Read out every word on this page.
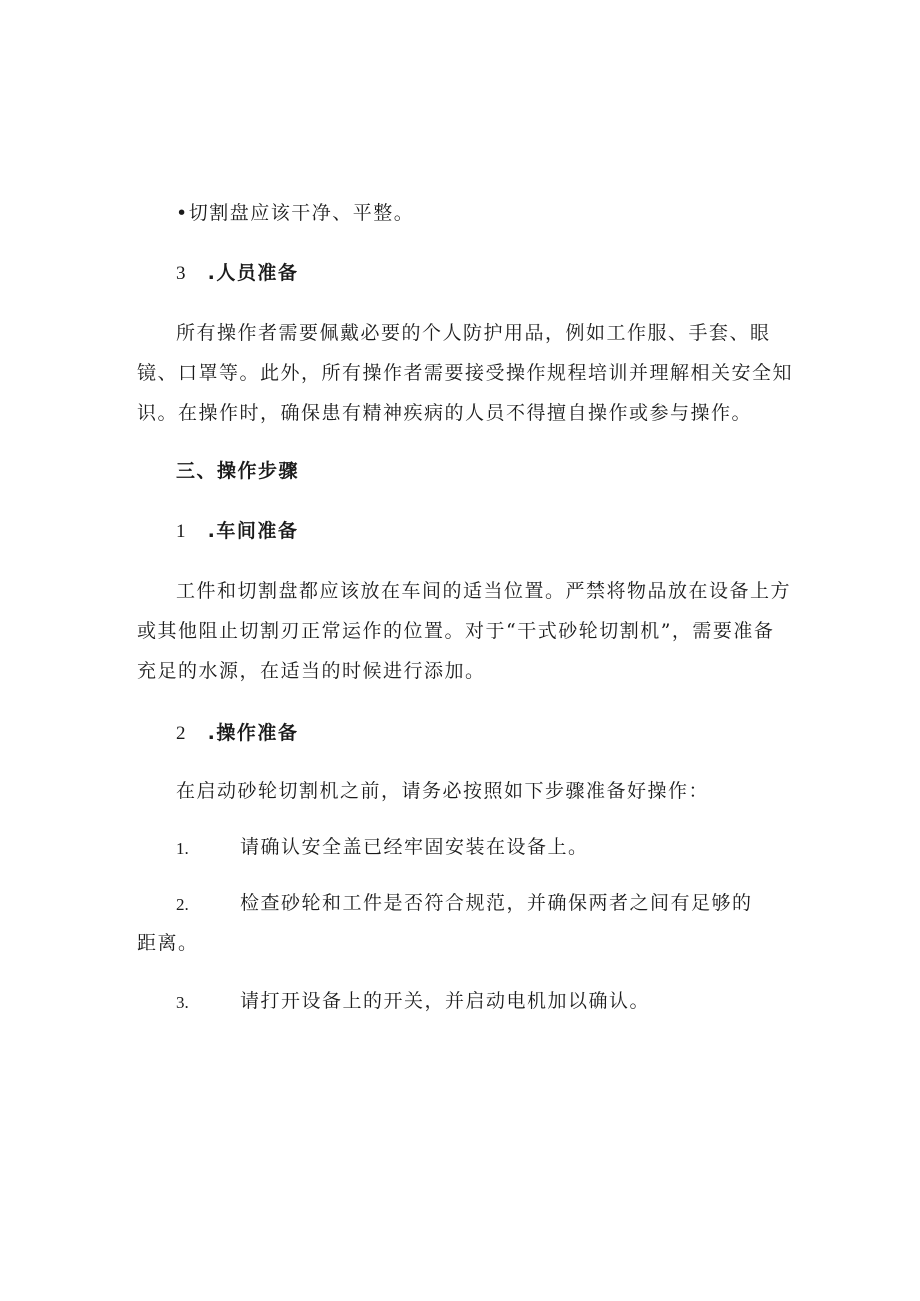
•切割盘应该干净、平整。
3 .人员准备
所有操作者需要佩戴必要的个人防护用品，例如工作服、手套、眼
镜、口罩等。此外，所有操作者需要接受操作规程培训并理解相关安全知
识。在操作时，确保患有精神疾病的人员不得擅自操作或参与操作。
三、操作步骤
1 .车间准备
工件和切割盘都应该放在车间的适当位置。严禁将物品放在设备上方
或其他阻止切割刃正常运作的位置。对于“干式砂轮切割机”，需要准备
充足的水源，在适当的时候进行添加。
2 .操作准备
在启动砂轮切割机之前，请务必按照如下步骤准备好操作：
1.	请确认安全盖已经牢固安装在设备上。
2.	检查砂轮和工件是否符合规范，并确保两者之间有足够的
距离。
3.	请打开设备上的开关，并启动电机加以确认。
